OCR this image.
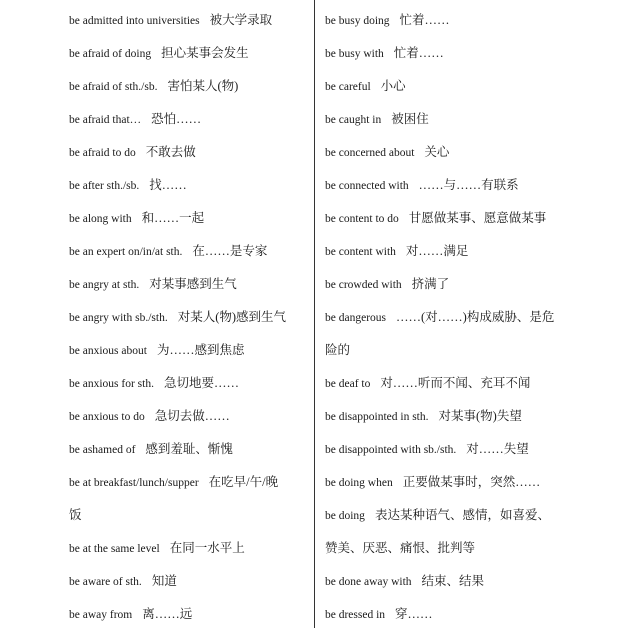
be admitted into universities 被大学录取
be afraid of doing 担心某事会发生
be afraid of sth./sb. 害怕某人(物)
be afraid that… 恐怕……
be afraid to do 不敢去做
be after sth./sb. 找……
be along with 和……一起
be an expert on/in/at sth. 在……是专家
be angry at sth. 对某事感到生气
be angry with sb./sth. 对某人(物)感到生气
be anxious about 为……感到焦虑
be anxious for sth. 急切地要……
be anxious to do 急切去做……
be ashamed of 感到羞耻、惭愧
be at breakfast/lunch/supper 在吃早/午/晚
饭
be at the same level 在同一水平上
be aware of sth. 知道
be away from 离……远
be busy doing 忙着……
be busy with 忙着……
be careful 小心
be caught in 被困住
be concerned about 关心
be connected with ……与……有联系
be content to do 甘愿做某事、愿意做某事
be content with 对……满足
be crowded with 挤满了
be dangerous ……(对……)构成威胁、是危
险的
be deaf to 对……听而不闻、充耳不闻
be disappointed in sth. 对某事(物)失望
be disappointed with sb./sth. 对……失望
be doing when 正要做某事时，突然……
be doing 表达某种语气、感情，如喜爱、
赞美、厌恶、痛恨、批判等
be done away with 结束、结果
be dressed in 穿……
